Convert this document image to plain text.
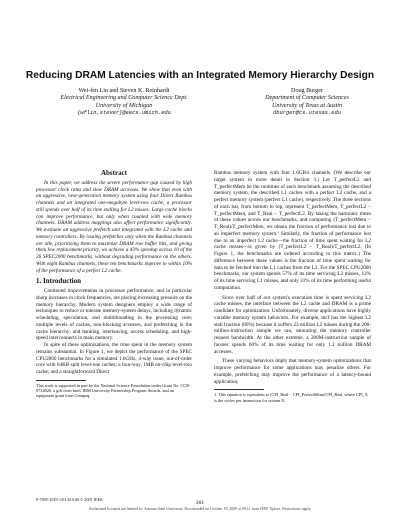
Reducing DRAM Latencies with an Integrated Memory Hierarchy Design
Wei-fen Lin and Steven K. Reinhardt
Electrical Engineering and Computer Science Dept.
University of Michigan
{wflin,stever}@eecs.umich.edu
Doug Burger
Department of Computer Sciences
University of Texas at Austin
dburger@cs.utexas.edu
Abstract
In this paper, we address the severe performance gap caused by high processor clock rates and slow DRAM accesses. We show that even with an aggressive, next-generation memory system using four Direct Rambus channels and an integrated one-megabyte level-two cache, a processor still spends over half of its time stalling for L2 misses. Large cache blocks can improve performance, but only when coupled with wide memory channels. DRAM address mappings also affect performance significantly. We evaluate an aggressive prefetch unit integrated with the L2 cache and memory controllers. By issuing prefetches only when the Rambus channels are idle, prioritizing them to maximize DRAM row buffer hits, and giving them low replacement priority, we achieve a 43% speedup across 10 of the 26 SPEC2000 benchmarks, without degrading performance on the others. With eight Rambus channels, these ten benchmarks improve to within 10% of the performance of a perfect L2 cache.
1. Introduction
Continued improvements in processor performance, and in particular sharp increases in clock frequencies, are placing increasing pressure on the memory hierarchy. Modern system designers employ a wide range of techniques to reduce or tolerate memory-system delays, including dynamic scheduling, speculation, and multithreading in the processing core; multiple levels of caches, non-blocking accesses, and prefetching in the cache hierarchy; and banking, interleaving, access scheduling, and high-speed interconnects in main memory.
In spite of these optimizations, the time spent in the memory system remains substantial. In Figure 1, we depict the performance of the SPEC CPU2000 benchmarks for a simulated 1.6GHz, 4-way issue, out-of-order core with 64KB split level-one caches; a four-way, 1MB on-chip level-two cache; and a straightforward Direct
This work is supported in part by the National Science Foundation under Grant No. CCR-9734026, a gift from Intel, IBM University Partnership Program Awards, and an equipment grant from Compaq.
Rambus memory system with four 1.6GB/s channels. (We describe our target system in more detail in Section 3.) Let T_perfectL2 and T_perfectMem be the runtimes of each benchmark assuming the described memory system, the described L1 caches with a perfect L2 cache, and a perfect memory system (perfect L1 cache), respectively. The three sections of each bar, from bottom to top, represent T_perfectMem, T_perfectL2 − T_perfectMem, and T_Real − T_perfectL2. By taking the harmonic mean of these values across our benchmarks, and computing (T_perfectMem − T_Real)/T_perfectMem, we obtain the fraction of performance lost due to an imperfect memory system.¹ Similarly, the fraction of performance lost due to an imperfect L2 cache—the fraction of time spent waiting for L2 cache misses—is given by (T_perfectL2 − T_Real)/T_perfectL2. (In Figure 1, the benchmarks are ordered according to this metric.) The difference between these values is the fraction of time spent waiting for data to be fetched into the L1 caches from the L2. For the SPEC CPU2000 benchmarks, our system spends 57% of its time servicing L2 misses, 12% of its time servicing L1 misses, and only 31% of its time performing useful computation.
Since over half of our system's execution time is spent servicing L2 cache misses, the interface between the L2 cache and DRAM is a prime candidate for optimization. Unfortunately, diverse applications have highly variable memory system behaviors. For example, mcf has the highest L2 stall fraction (80%) because it suffers 23 million L2 misses during the 200-million-instruction sample we ran, saturating the memory controller request bandwidth. At the other extreme, a 200M-instruction sample of facerec spends 60% of its time waiting for only 1.2 million DRAM accesses.
These varying behaviors imply that memory-system optimizations that improve performance for some applications may penalize others. For example, prefetching may improve the performance of a latency-bound application,
1. This equation is equivalent to (CPI_Real − CPI_PerfectMem)/CPI_Real, where CPI_X is the cycles per instruction for system X.
0-7695-1019-1/01 $10.00 © 2001 IEEE
301
Authorized licensed use limited to: Arizona State University. Downloaded on October 19, 2009 at 09:11 from IEEE Xplore. Restrictions apply.
